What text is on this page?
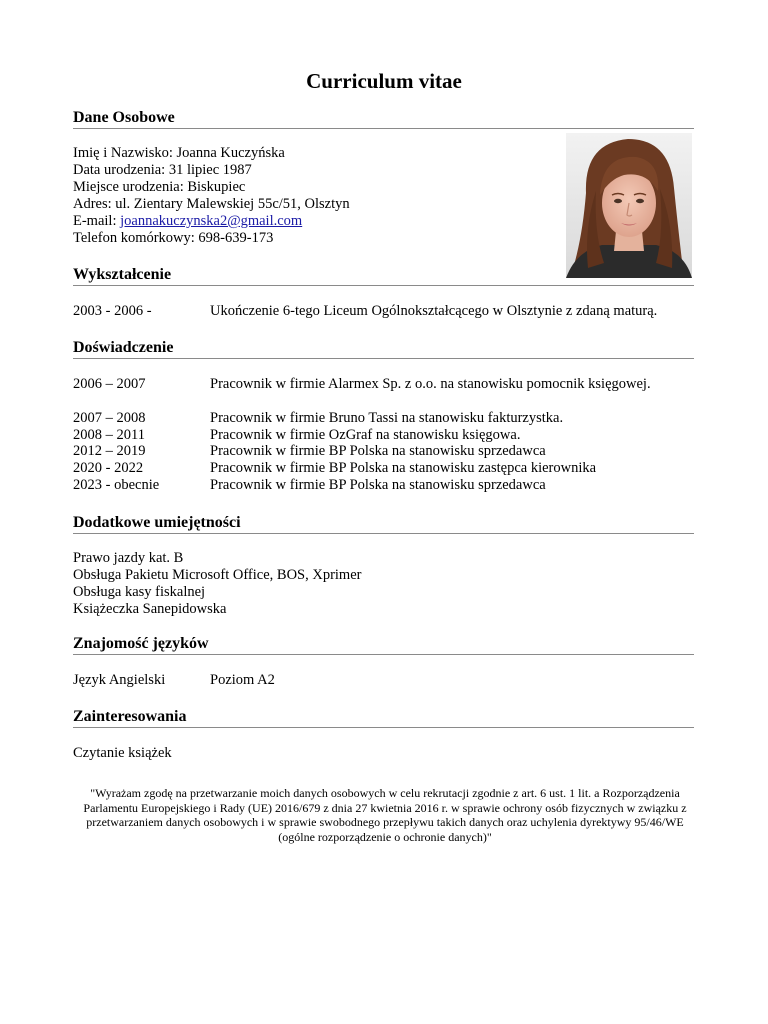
Curriculum vitae
Dane Osobowe
Imię i Nazwisko: Joanna Kuczyńska
Data urodzenia: 31 lipiec 1987
Miejsce urodzenia: Biskupiec
Adres: ul. Zientary Malewskiej 55c/51, Olsztyn
E-mail: joannakuczynska2@gmail.com
Telefon komórkowy: 698-639-173
Wykształcenie
2003 - 2006 -	Ukończenie 6-tego Liceum Ogólnokształcącego w Olsztynie z zdaną maturą.
Doświadczenie
2006 – 2007	Pracownik w firmie Alarmex Sp. z o.o. na stanowisku pomocnik księgowej.
2007 – 2008	Pracownik w firmie Bruno Tassi na stanowisku fakturzystka.
2008 – 2011	Pracownik w firmie OzGraf na stanowisku księgowa.
2012 – 2019	Pracownik w firmie BP Polska na stanowisku sprzedawca
2020 - 2022	Pracownik w firmie BP Polska na stanowisku zastępca kierownika
2023 - obecnie	Pracownik w firmie BP Polska na stanowisku sprzedawca
Dodatkowe umiejętności
Prawo jazdy kat. B
Obsługa Pakietu Microsoft Office, BOS, Xprimer
Obsługa kasy fiskalnej
Książeczka Sanepidowska
Znajomość języków
Język Angielski	Poziom A2
Zainteresowania
Czytanie książek
"Wyrażam zgodę na przetwarzanie moich danych osobowych w celu rekrutacji zgodnie z art. 6 ust. 1 lit. a Rozporządzenia Parlamentu Europejskiego i Rady (UE) 2016/679 z dnia 27 kwietnia 2016 r. w sprawie ochrony osób fizycznych w związku z przetwarzaniem danych osobowych i w sprawie swobodnego przepływu takich danych oraz uchylenia dyrektywy 95/46/WE (ogólne rozporządzenie o ochronie danych)"
